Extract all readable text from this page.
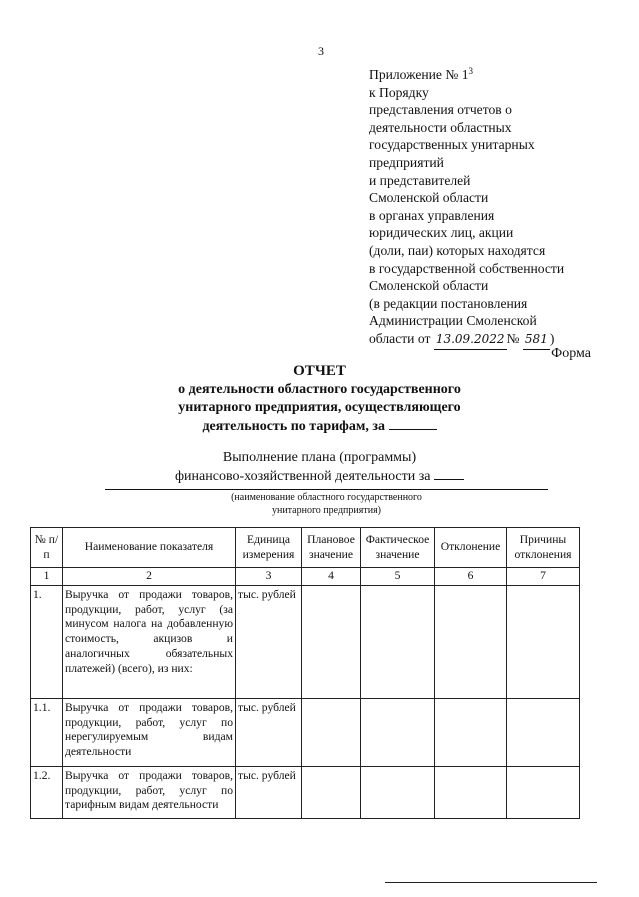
3
Приложение № $1^3$
к Порядку
представления отчетов о
деятельности областных
государственных унитарных
предприятий
и представителей
Смоленской области
в органах управления
юридических лиц, акции
(доли, паи) которых находятся
в государственной собственности
Смоленской области
(в редакции постановления
Администрации Смоленской
области от 13.09.2022 № 581 )
Форма
ОТЧЕТ
о деятельности областного государственного
унитарного предприятия, осуществляющего
деятельность по тарифам, за
Выполнение плана (программы)
финансово-хозяйственной деятельности за
(наименование областного государственного
унитарного предприятия)
№ п/п	Наименование показателя	Единица измерения	Плановое значение	Фактическое значение	Отклонение	Причины отклонения
1	2	3	4	5	6	7
1.	Выручка от продажи товаров, продукции, работ, услуг (за минусом налога на добавленную стоимость, акцизов и аналогичных обязательных платежей) (всего), из них:	тыс. рублей				
1.1.	Выручка от продажи товаров, продукции, работ, услуг по нерегулируемым видам деятельности	тыс. рублей				
1.2.	Выручка от продажи товаров, продукции, работ, услуг по тарифным видам деятельности	тыс. рублей				
